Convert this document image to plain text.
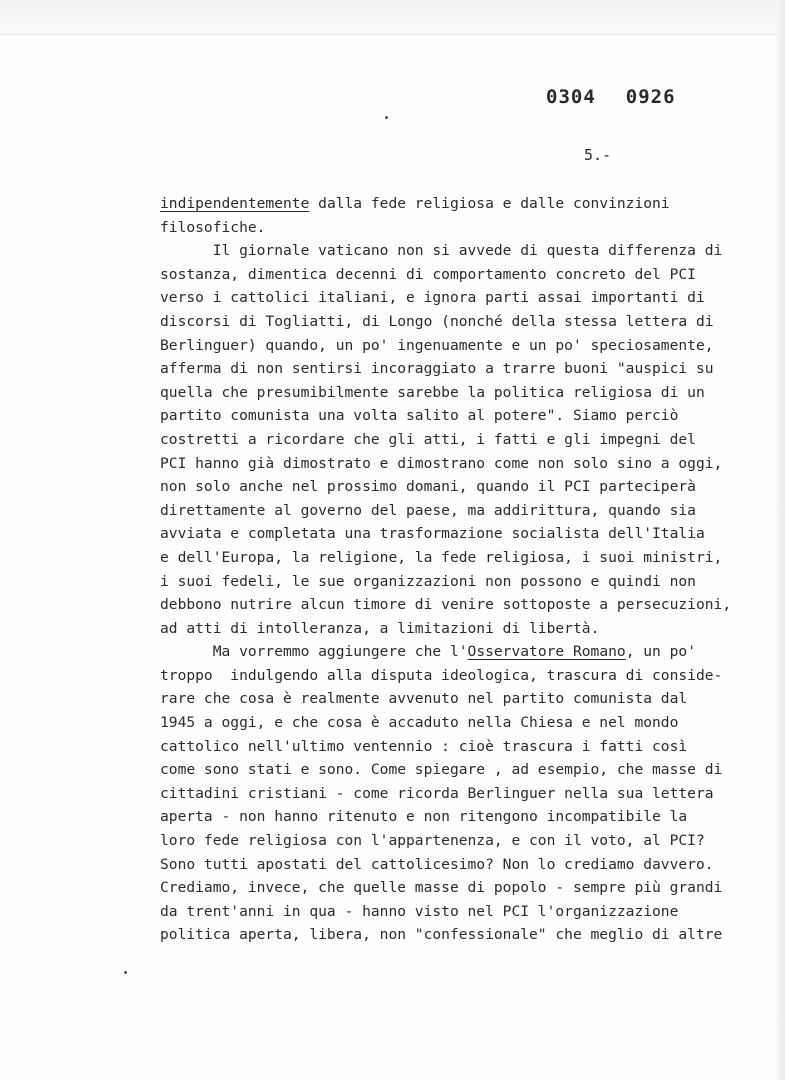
0304 0926
5.-
indipendentemente dalla fede religiosa e dalle convinzioni
filosofiche.
Il giornale vaticano non si avvede di questa differenza di
sostanza, dimentica decenni di comportamento concreto del PCI
verso i cattolici italiani, e ignora parti assai importanti di
discorsi di Togliatti, di Longo (nonché della stessa lettera di
Berlinguer) quando, un po' ingenuamente e un po' speciosamente,
afferma di non sentirsi incoraggiato a trarre buoni "auspici su
quella che presumibilmente sarebbe la politica religiosa di un
partito comunista una volta salito al potere". Siamo perciò
costretti a ricordare che gli atti, i fatti e gli impegni del
PCI hanno già dimostrato e dimostrano come non solo sino a oggi,
non solo anche nel prossimo domani, quando il PCI parteciperà
direttamente al governo del paese, ma addirittura, quando sia
avviata e completata una trasformazione socialista dell'Italia
e dell'Europa, la religione, la fede religiosa, i suoi ministri,
i suoi fedeli, le sue organizzazioni non possono e quindi non
debbono nutrire alcun timore di venire sottoposte a persecuzioni,
ad atti di intolleranza, a limitazioni di libertà.
Ma vorremmo aggiungere che l'Osservatore Romano, un po'
troppo  indulgendo alla disputa ideologica, trascura di conside-
rare che cosa è realmente avvenuto nel partito comunista dal
1945 a oggi, e che cosa è accaduto nella Chiesa e nel mondo
cattolico nell'ultimo ventennio : cioè trascura i fatti così
come sono stati e sono. Come spiegare , ad esempio, che masse di
cittadini cristiani - come ricorda Berlinguer nella sua lettera
aperta - non hanno ritenuto e non ritengono incompatibile la
loro fede religiosa con l'appartenenza, e con il voto, al PCI?
Sono tutti apostati del cattolicesimo? Non lo crediamo davvero.
Crediamo, invece, che quelle masse di popolo - sempre più grandi
da trent'anni in qua - hanno visto nel PCI l'organizzazione
politica aperta, libera, non "confessionale" che meglio di altre
